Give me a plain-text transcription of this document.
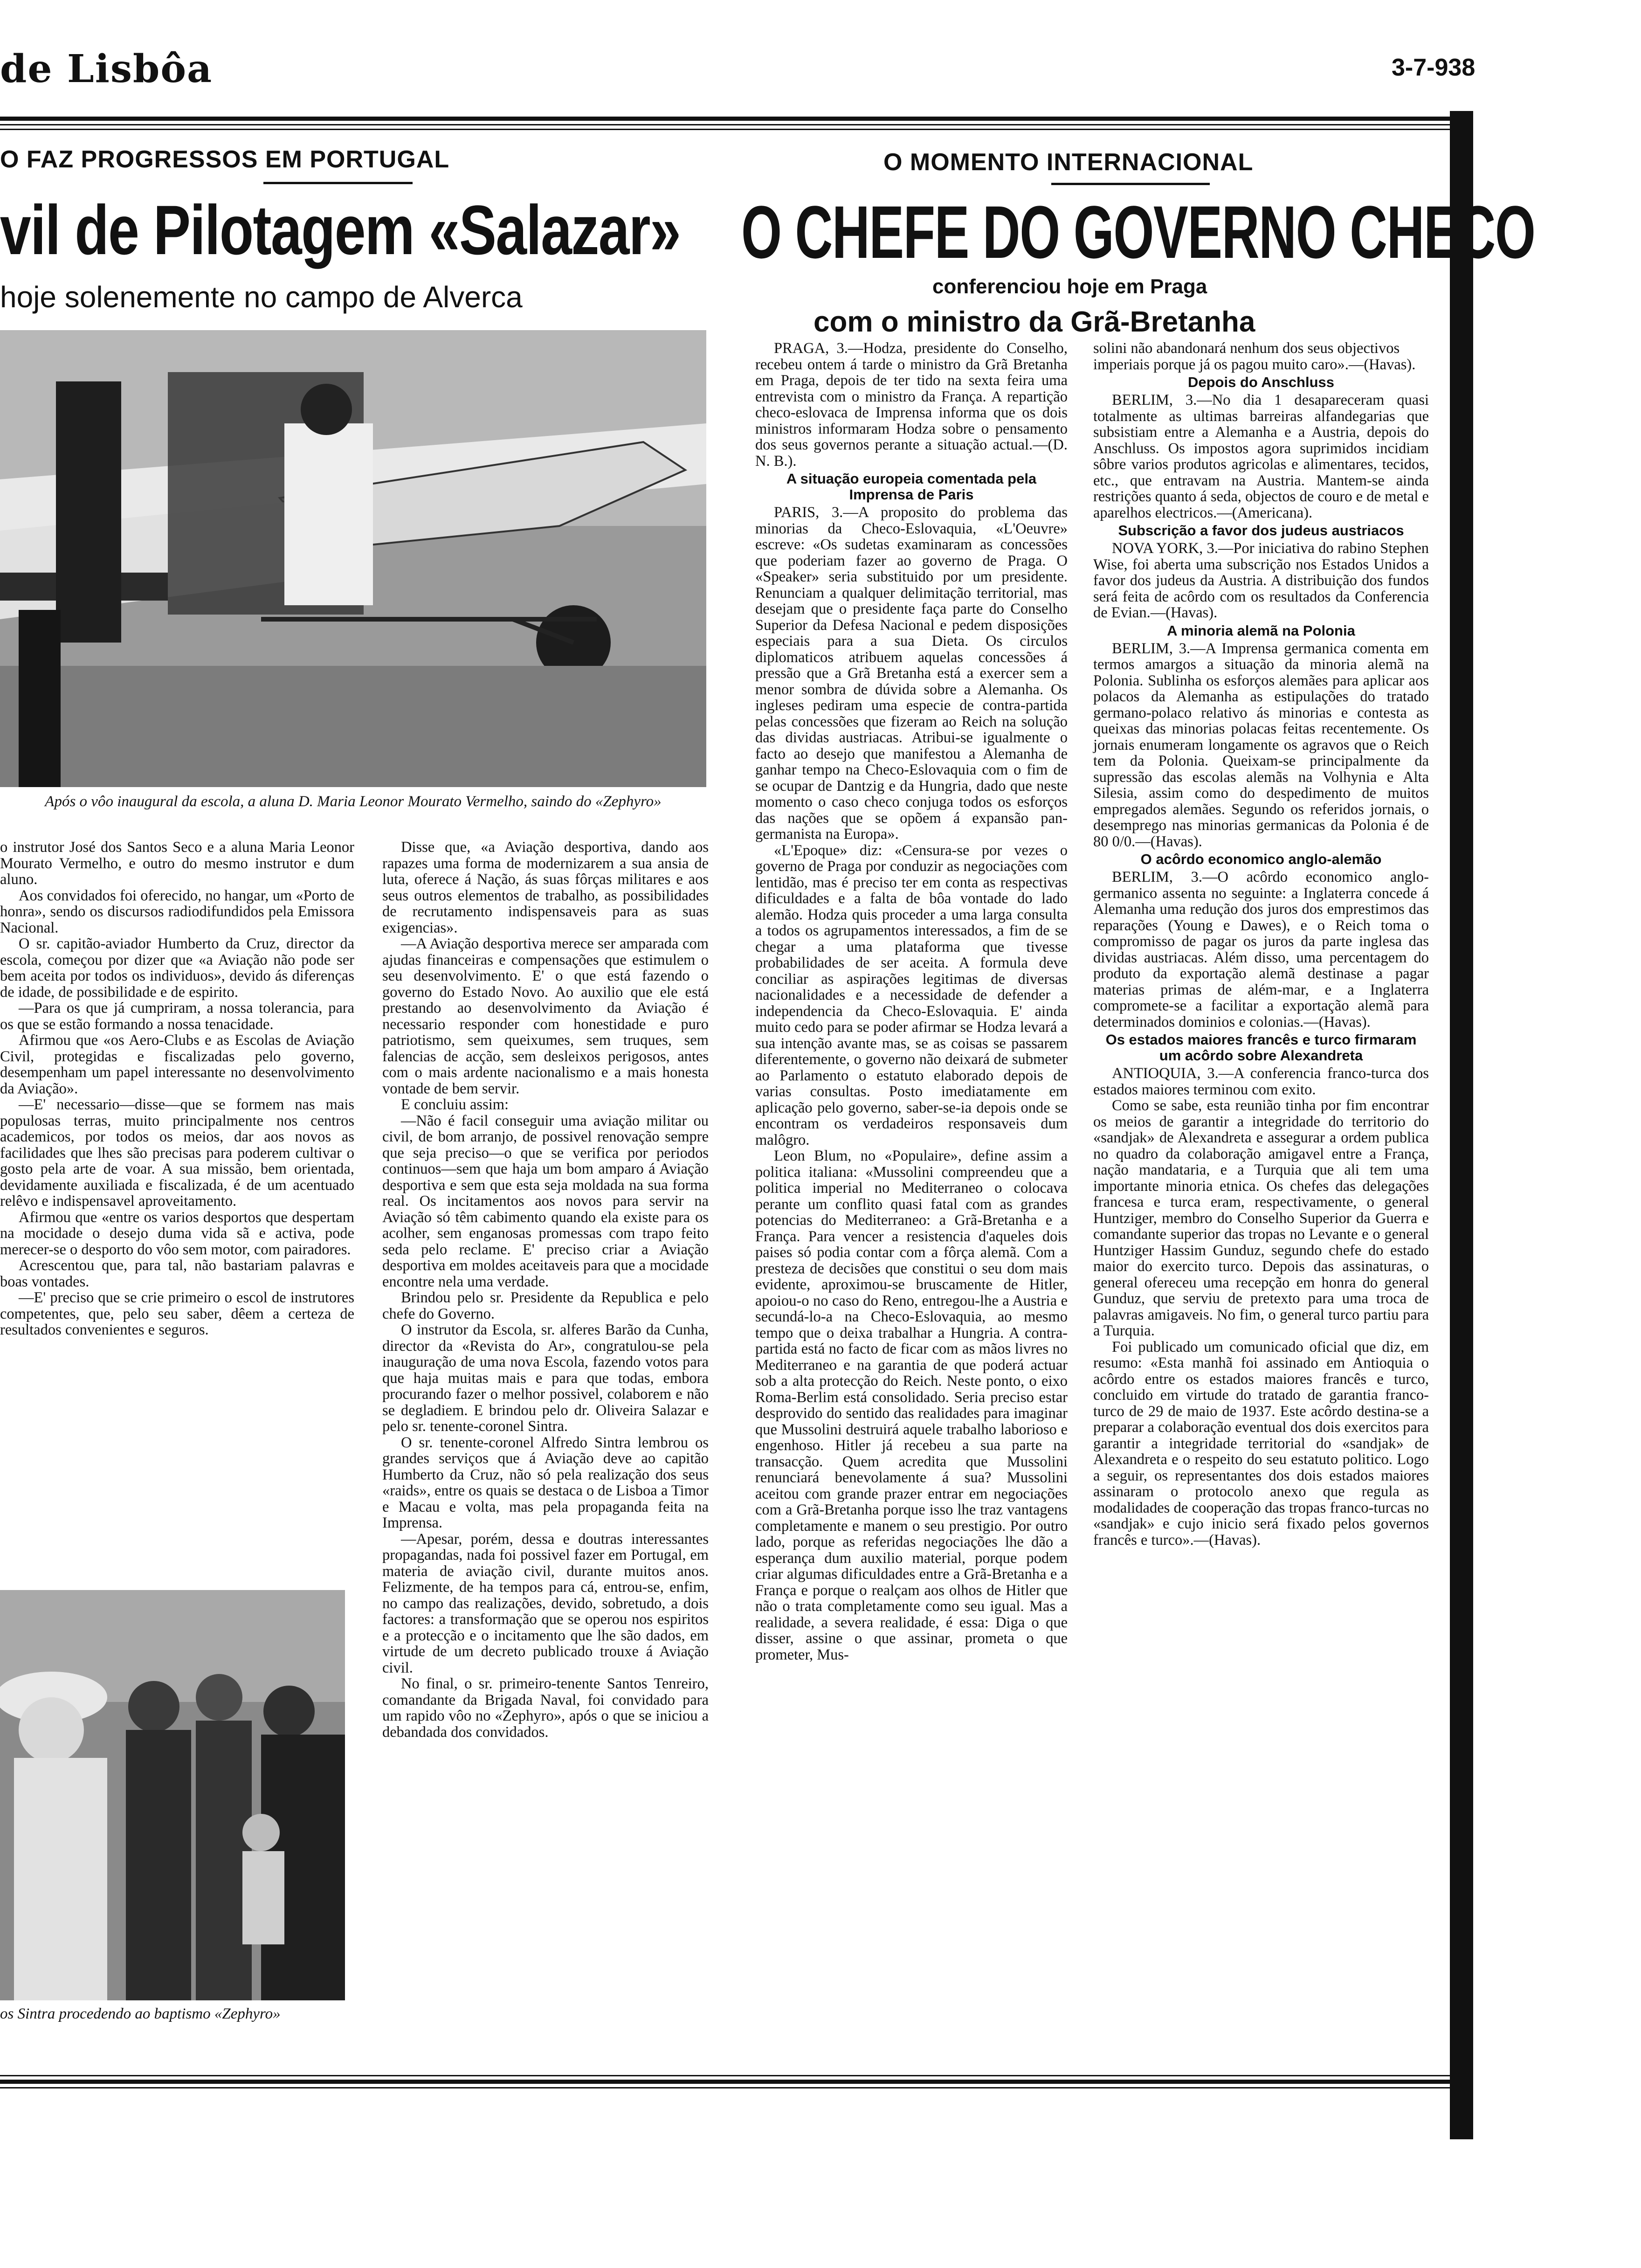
de Lisbôa	3-7-938
O FAZ PROGRESSOS EM PORTUGAL
vil de Pilotagem «Salazar»
hoje solenemente no campo de Alverca
Após o vôo inaugural da escola, a aluna D. Maria Leonor Mourato Vermelho, saindo do «Zephyro»

o instrutor José dos Santos Seco e a aluna Maria Leonor Mourato Vermelho, e outro do mesmo instrutor e dum aluno.

Aos convidados foi oferecido, no hangar, um «Porto de honra», sendo os discursos radiodifundidos pela Emissora Nacional.

O sr. capitão-aviador Humberto da Cruz, director da escola, começou por dizer que «a Aviação não pode ser bem aceita por todos os individuos», devido ás diferenças de idade, de possibilidade e de espirito.

—Para os que já cumpriram, a nossa tolerancia, para os que se estão formando a nossa tenacidade.

Afirmou que «os Aero-Clubs e as Escolas de Aviação Civil, protegidas e fiscalizadas pelo governo, desempenham um papel interessante no desenvolvimento da Aviação».

—E' necessario—disse—que se formem nas mais populosas terras, muito principalmente nos centros academicos, por todos os meios, dar aos novos as facilidades que lhes são precisas para poderem cultivar o gosto pela arte de voar. A sua missão, bem orientada, devidamente auxiliada e fiscalizada, é de um acentuado relêvo e indispensavel aproveitamento.

Afirmou que «entre os varios desportos que despertam na mocidade o desejo duma vida sã e activa, pode merecer-se o desporto do vôo sem motor, com pairadores.

Acrescentou que, para tal, não bastariam palavras e boas vontades.

—E' preciso que se crie primeiro o escol de instrutores competentes, que, pelo seu saber, dêem a certeza de resultados convenientes e seguros.

Disse que, «a Aviação desportiva, dando aos rapazes uma forma de modernizarem a sua ansia de luta, oferece á Nação, ás suas fôrças militares e aos seus outros elementos de trabalho, as possibilidades de recrutamento indispensaveis para as suas exigencias».

—A Aviação desportiva merece ser amparada com ajudas financeiras e compensações que estimulem o seu desenvolvimento. E' o que está fazendo o governo do Estado Novo. Ao auxilio que ele está prestando ao desenvolvimento da Aviação é necessario responder com honestidade e puro patriotismo, sem queixumes, sem truques, sem falencias de acção, sem desleixos perigosos, antes com o mais ardente nacionalismo e a mais honesta vontade de bem servir.

E concluiu assim:

—Não é facil conseguir uma aviação militar ou civil, de bom arranjo, de possivel renovação sempre que seja preciso—o que se verifica por periodos continuos—sem que haja um bom amparo á Aviação desportiva e sem que esta seja moldada na sua forma real. Os incitamentos aos novos para servir na Aviação só têm cabimento quando ela existe para os acolher, sem enganosas promessas com trapo feito seda pelo reclame. E' preciso criar a Aviação desportiva em moldes aceitaveis para que a mocidade encontre nela uma verdade.

Brindou pelo sr. Presidente da Republica e pelo chefe do Governo.

O instrutor da Escola, sr. alferes Barão da Cunha, director da «Revista do Ar», congratulou-se pela inauguração de uma nova Escola, fazendo votos para que haja muitas mais e para que todas, embora procurando fazer o melhor possivel, colaborem e não se degladiem. E brindou pelo dr. Oliveira Salazar e pelo sr. tenente-coronel Sintra.

O sr. tenente-coronel Alfredo Sintra lembrou os grandes serviços que á Aviação deve ao capitão Humberto da Cruz, não só pela realização dos seus «raids», entre os quais se destaca o de Lisboa a Timor e Macau e volta, mas pela propaganda feita na Imprensa.

—Apesar, porém, dessa e doutras interessantes propagandas, nada foi possivel fazer em Portugal, em materia de aviação civil, durante muitos anos. Felizmente, de ha tempos para cá, entrou-se, enfim, no campo das realizações, devido, sobretudo, a dois factores: a transformação que se operou nos espiritos e a protecção e o incitamento que lhe são dados, em virtude de um decreto publicado trouxe á Aviação civil.

No final, o sr. primeiro-tenente Santos Tenreiro, comandante da Brigada Naval, foi convidado para um rapido vôo no «Zephyro», após o que se iniciou a debandada dos convidados.

os Sintra procedendo ao baptismo «Zephyro»
O MOMENTO INTERNACIONAL
O CHEFE DO GOVERNO CHECO
conferenciou hoje em Praga
com o ministro da Grã-Bretanha

PRAGA, 3.—Hodza, presidente do Conselho, recebeu ontem á tarde o ministro da Grã Bretanha em Praga, depois de ter tido na sexta feira uma entrevista com o ministro da França. A repartição checo-eslovaca de Imprensa informa que os dois ministros informaram Hodza sobre o pensamento dos seus governos perante a situação actual.—(D. N. B.).

A situação europeia comentada pela Imprensa de Paris

PARIS, 3.—A proposito do problema das minorias da Checo-Eslovaquia, «L'Oeuvre» escreve: «Os sudetas examinaram as concessões que poderiam fazer ao governo de Praga. O «Speaker» seria substituido por um presidente. Renunciam a qualquer delimitação territorial, mas desejam que o presidente faça parte do Conselho Superior da Defesa Nacional e pedem disposições especiais para a sua Dieta. Os circulos diplomaticos atribuem aquelas concessões á pressão que a Grã Bretanha está a exercer sem a menor sombra de dúvida sobre a Alemanha. Os ingleses pediram uma especie de contra-partida pelas concessões que fizeram ao Reich na solução das dividas austriacas. Atribui-se igualmente o facto ao desejo que manifestou a Alemanha de ganhar tempo na Checo-Eslovaquia com o fim de se ocupar de Dantzig e da Hungria, dado que neste momento o caso checo conjuga todos os esforços das nações que se opõem á expansão pan-germanista na Europa».

«L'Epoque» diz: «Censura-se por vezes o governo de Praga por conduzir as negociações com lentidão, mas é preciso ter em conta as respectivas dificuldades e a falta de bôa vontade do lado alemão. Hodza quis proceder a uma larga consulta a todos os agrupamentos interessados, a fim de se chegar a uma plataforma que tivesse probabilidades de ser aceita. A formula deve conciliar as aspirações legitimas de diversas nacionalidades e a necessidade de defender a independencia da Checo-Eslovaquia. E' ainda muito cedo para se poder afirmar se Hodza levará a sua intenção avante mas, se as coisas se passarem diferentemente, o governo não deixará de submeter ao Parlamento o estatuto elaborado depois de varias consultas. Posto imediatamente em aplicação pelo governo, saber-se-ia depois onde se encontram os verdadeiros responsaveis dum malôgro.

Leon Blum, no «Populaire», define assim a politica italiana: «Mussolini compreendeu que a politica imperial no Mediterraneo o colocava perante um conflito quasi fatal com as grandes potencias do Mediterraneo: a Grã-Bretanha e a França. Para vencer a resistencia d'aqueles dois paises só podia contar com a fôrça alemã. Com a presteza de decisões que constitui o seu dom mais evidente, aproximou-se bruscamente de Hitler, apoiou-o no caso do Reno, entregou-lhe a Austria e secundá-lo-a na Checo-Eslovaquia, ao mesmo tempo que o deixa trabalhar a Hungria. A contra-partida está no facto de ficar com as mãos livres no Mediterraneo e na garantia de que poderá actuar sob a alta protecção do Reich. Neste ponto, o eixo Roma-Berlim está consolidado. Seria preciso estar desprovido do sentido das realidades para imaginar que Mussolini destruirá aquele trabalho laborioso e engenhoso. Hitler já recebeu a sua parte na transacção. Quem acredita que Mussolini renunciará benevolamente á sua? Mussolini aceitou com grande prazer entrar em negociações com a Grã-Bretanha porque isso lhe traz vantagens completamente e manem o seu prestigio. Por outro lado, porque as referidas negociações lhe dão a esperança dum auxilio material, porque podem criar algumas dificuldades entre a Grã-Bretanha e a França e porque o realçam aos olhos de Hitler que não o trata completamente como seu igual. Mas a realidade, a severa realidade, é essa: Diga o que disser, assine o que assinar, prometa o que prometer, Mus-

solini não abandonará nenhum dos seus objectivos imperiais porque já os pagou muito caro».—(Havas).

Depois do Anschluss

BERLIM, 3.—No dia 1 desapareceram quasi totalmente as ultimas barreiras alfandegarias que subsistiam entre a Alemanha e a Austria, depois do Anschluss. Os impostos agora suprimidos incidiam sôbre varios produtos agricolas e alimentares, tecidos, etc., que entravam na Austria. Mantem-se ainda restrições quanto á seda, objectos de couro e de metal e aparelhos electricos.—(Americana).

Subscrição a favor dos judeus austriacos

NOVA YORK, 3.—Por iniciativa do rabino Stephen Wise, foi aberta uma subscrição nos Estados Unidos a favor dos judeus da Austria. A distribuição dos fundos será feita de acôrdo com os resultados da Conferencia de Evian.—(Havas).

A minoria alemã na Polonia

BERLIM, 3.—A Imprensa germanica comenta em termos amargos a situação da minoria alemã na Polonia. Sublinha os esforços alemães para aplicar aos polacos da Alemanha as estipulações do tratado germano-polaco relativo ás minorias e contesta as queixas das minorias polacas feitas recentemente. Os jornais enumeram longamente os agravos que o Reich tem da Polonia. Queixam-se principalmente da supressão das escolas alemãs na Volhynia e Alta Silesia, assim como do despedimento de muitos empregados alemães. Segundo os referidos jornais, o desemprego nas minorias germanicas da Polonia é de 80 0/0.—(Havas).

O acôrdo economico anglo-alemão

BERLIM, 3.—O acôrdo economico anglo-germanico assenta no seguinte: a Inglaterra concede á Alemanha uma redução dos juros dos emprestimos das reparações (Young e Dawes), e o Reich toma o compromisso de pagar os juros da parte inglesa das dividas austriacas. Além disso, uma percentagem do produto da exportação alemã destinase a pagar materias primas de além-mar, e a Inglaterra compromete-se a facilitar a exportação alemã para determinados dominios e colonias.—(Havas).

Os estados maiores francês e turco firmaram um acôrdo sobre Alexandreta

ANTIOQUIA, 3.—A conferencia franco-turca dos estados maiores terminou com exito.

Como se sabe, esta reunião tinha por fim encontrar os meios de garantir a integridade do territorio do «sandjak» de Alexandreta e assegurar a ordem publica no quadro da colaboração amigavel entre a França, nação mandataria, e a Turquia que ali tem uma importante minoria etnica. Os chefes das delegações francesa e turca eram, respectivamente, o general Huntziger, membro do Conselho Superior da Guerra e comandante superior das tropas no Levante e o general Huntziger Hassim Gunduz, segundo chefe do estado maior do exercito turco. Depois das assinaturas, o general ofereceu uma recepção em honra do general Gunduz, que serviu de pretexto para uma troca de palavras amigaveis. No fim, o general turco partiu para a Turquia.

Foi publicado um comunicado oficial que diz, em resumo: «Esta manhã foi assinado em Antioquia o acôrdo entre os estados maiores francês e turco, concluido em virtude do tratado de garantia franco-turco de 29 de maio de 1937. Este acôrdo destina-se a preparar a colaboração eventual dos dois exercitos para garantir a integridade territorial do «sandjak» de Alexandreta e o respeito do seu estatuto politico. Logo a seguir, os representantes dos dois estados maiores assinaram o protocolo anexo que regula as modalidades de cooperação das tropas franco-turcas no «sandjak» e cujo inicio será fixado pelos governos francês e turco».—(Havas).
